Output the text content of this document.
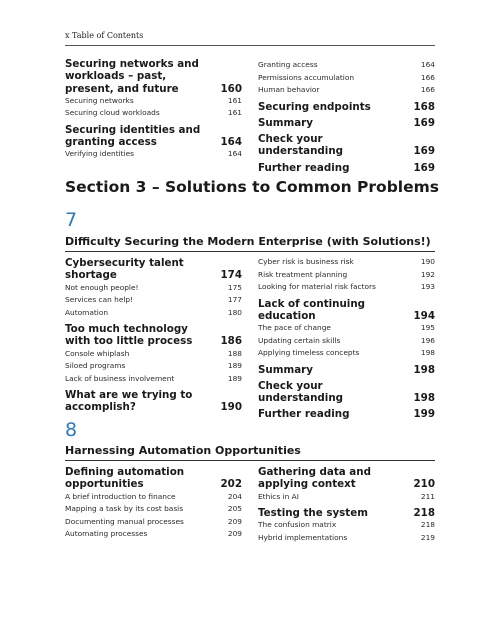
x Table of Contents
Securing networks and workloads – past, present, and future	160
Securing networks	161
Securing cloud workloads	161
Securing identities and granting access	164
Verifying identities	164
Granting access	164
Permissions accumulation	166
Human behavior	166
Securing endpoints	168
Summary	169
Check your understanding	169
Further reading	169
Section 3 – Solutions to Common Problems
7
Difficulty Securing the Modern Enterprise (with Solutions!)
Cybersecurity talent shortage	174
Not enough people!	175
Services can help!	177
Automation	180
Too much technology with too little process	186
Console whiplash	188
Siloed programs	189
Lack of business involvement	189
What are we trying to accomplish?	190
Cyber risk is business risk	190
Risk treatment planning	192
Looking for material risk factors	193
Lack of continuing education	194
The pace of change	195
Updating certain skills	196
Applying timeless concepts	198
Summary	198
Check your understanding	198
Further reading	199
8
Harnessing Automation Opportunities
Defining automation opportunities	202
A brief introduction to finance	204
Mapping a task by its cost basis	205
Documenting manual processes	209
Automating processes	209
Gathering data and applying context	210
Ethics in AI	211
Testing the system	218
The confusion matrix	218
Hybrid implementations	219
